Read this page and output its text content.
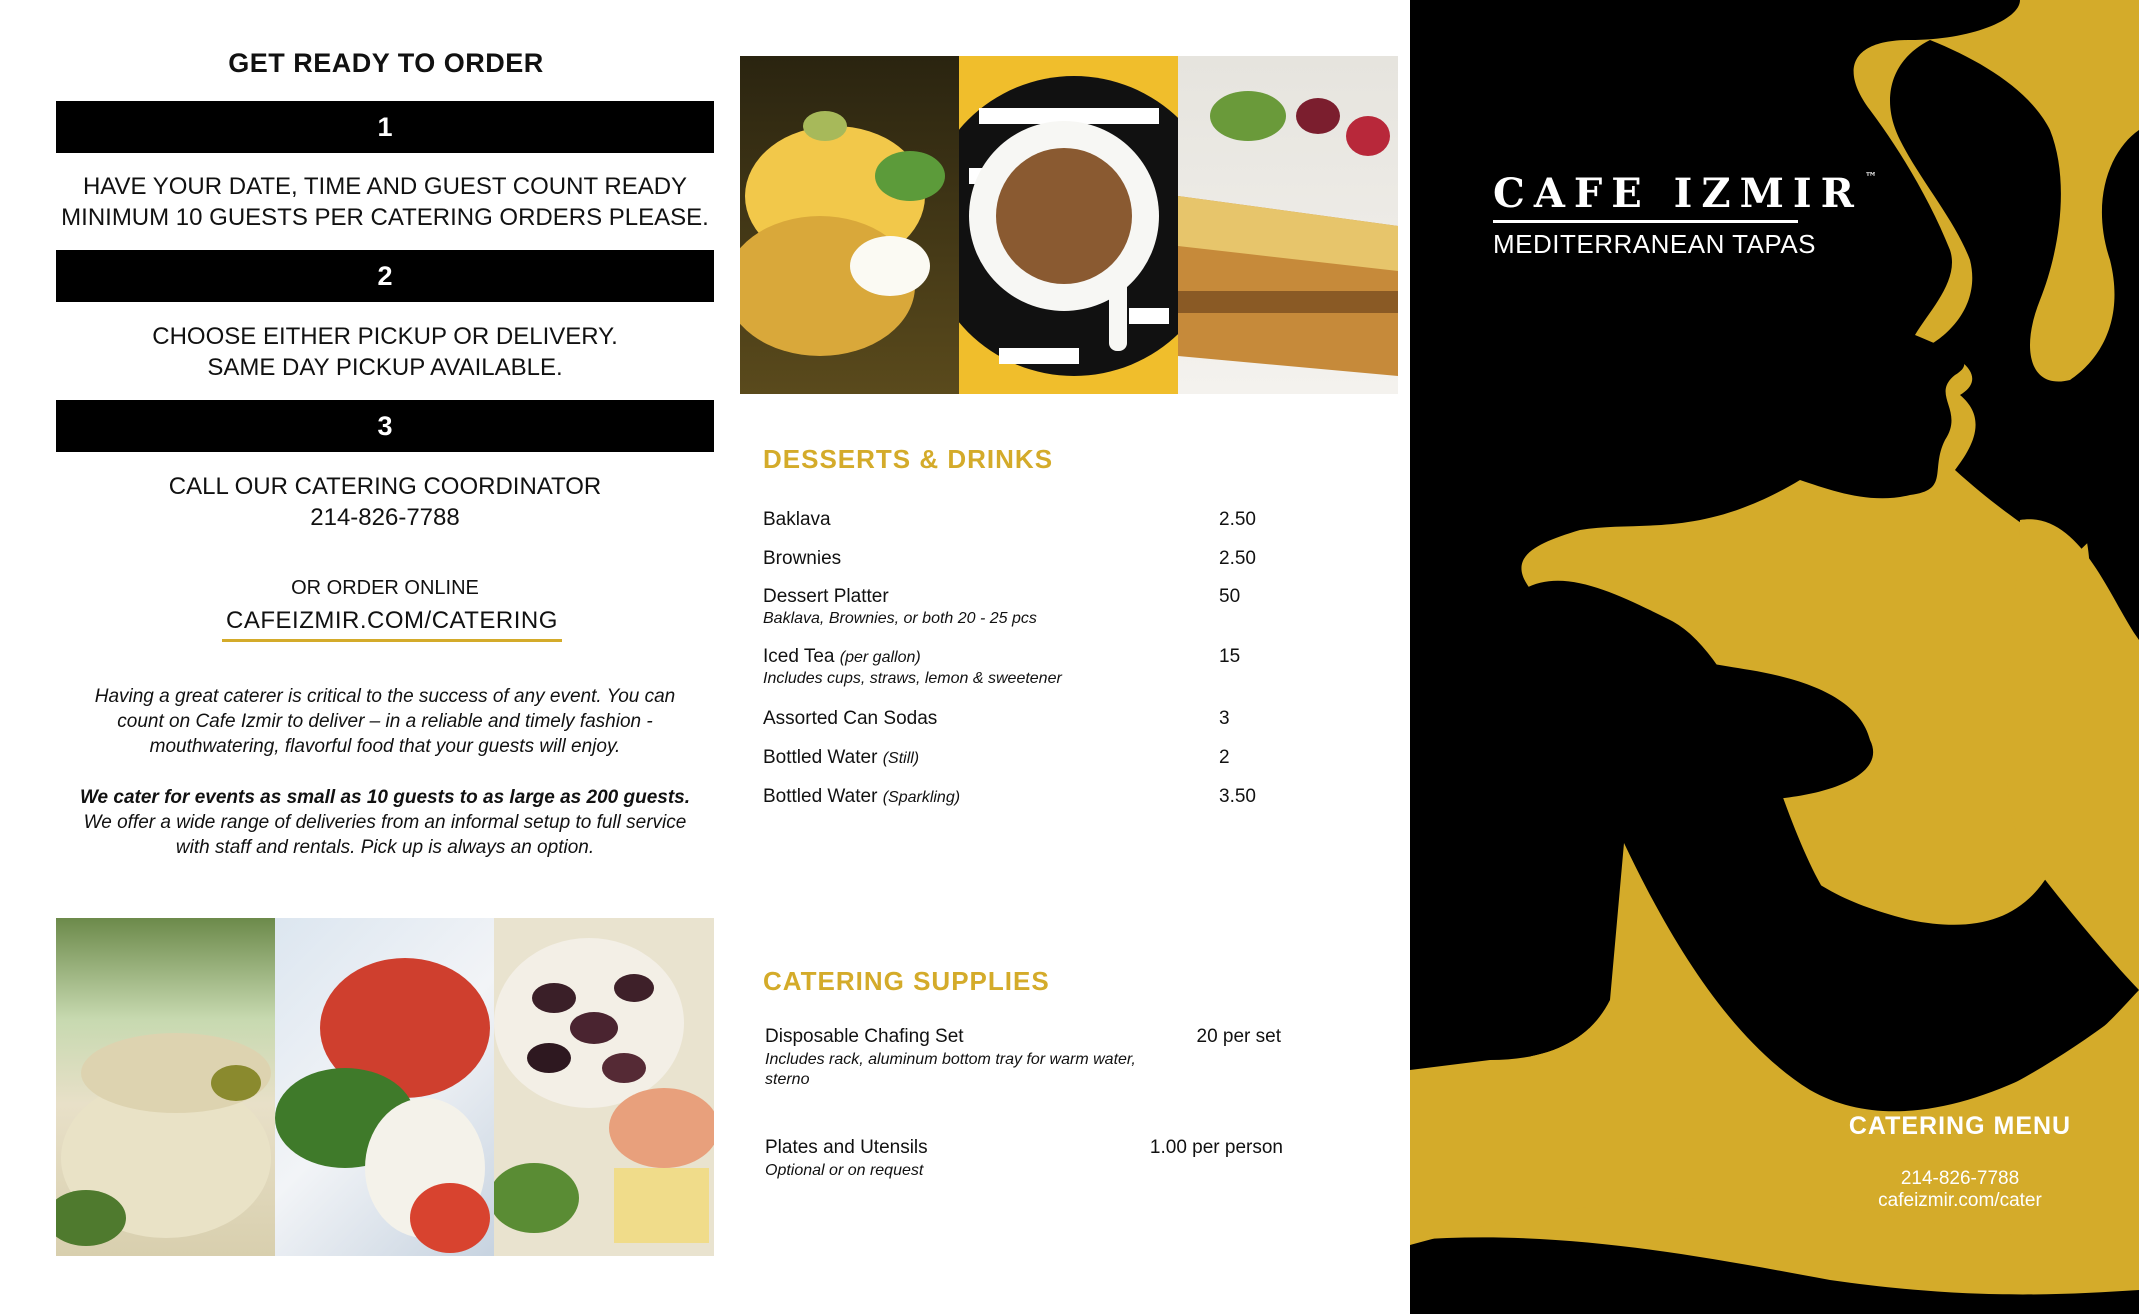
GET READY TO ORDER
1
HAVE YOUR DATE, TIME AND GUEST COUNT READY
MINIMUM 10 GUESTS PER CATERING ORDERS PLEASE.
2
CHOOSE EITHER PICKUP OR DELIVERY.
SAME DAY PICKUP AVAILABLE.
3
CALL OUR CATERING COORDINATOR
214-826-7788
OR ORDER ONLINE
CAFEIZMIR.COM/CATERING
Having a great caterer is critical to the success of any event. You can count on Cafe Izmir to deliver – in a reliable and timely fashion - mouthwatering, flavorful food that your guests will enjoy.
We cater for events as small as 10 guests to as large as 200 guests. We offer a wide range of deliveries from an informal setup to full service with staff and rentals. Pick up is always an option.
DESSERTS & DRINKS
Baklava	2.50
Brownies	2.50
Dessert Platter	50
Baklava, Brownies, or both 20 - 25 pcs
Iced Tea (per gallon)	15
Includes cups, straws, lemon & sweetener
Assorted Can Sodas	3
Bottled Water (Still)	2
Bottled Water (Sparkling)	3.50
CATERING SUPPLIES
Disposable Chafing Set	20 per set
Includes rack, aluminum bottom tray for warm water, sterno
Plates and Utensils	1.00 per person
Optional or on request
CAFE IZMIR ™
MEDITERRANEAN TAPAS
CATERING MENU
214-826-7788
cafeizmir.com/cater
